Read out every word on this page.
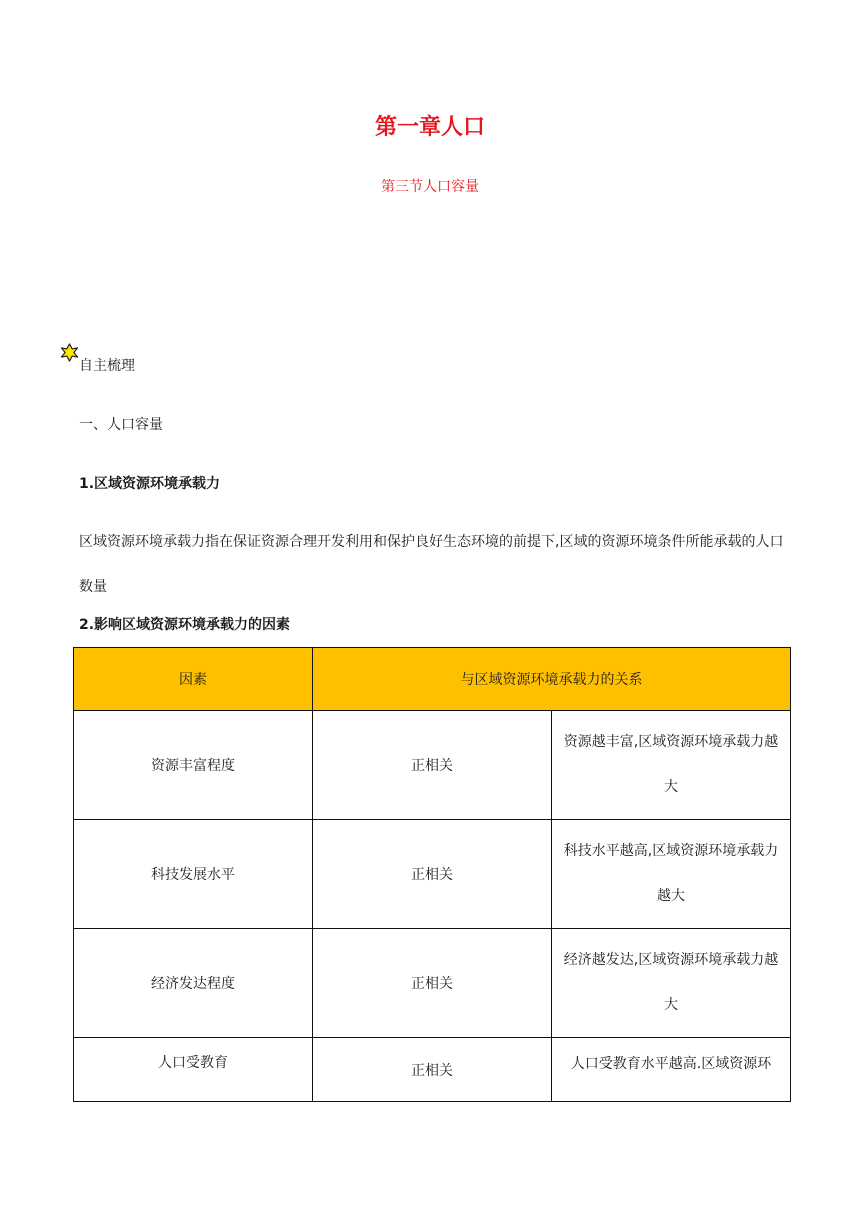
第一章人口
第三节人口容量
自主梳理
一、人口容量
1.区域资源环境承载力
区域资源环境承载力指在保证资源合理开发利用和保护良好生态环境的前提下,区域的资源环境条件所能承载的人口数量
2.影响区域资源环境承载力的因素
因素	与区域资源环境承载力的关系	
资源丰富程度	正相关	资源越丰富,区域资源环境承载力越大
科技发展水平	正相关	科技水平越高,区域资源环境承载力越大
经济发达程度	正相关	经济越发达,区域资源环境承载力越大
人口受教育	正相关	人口受教育水平越高.区域资源环
